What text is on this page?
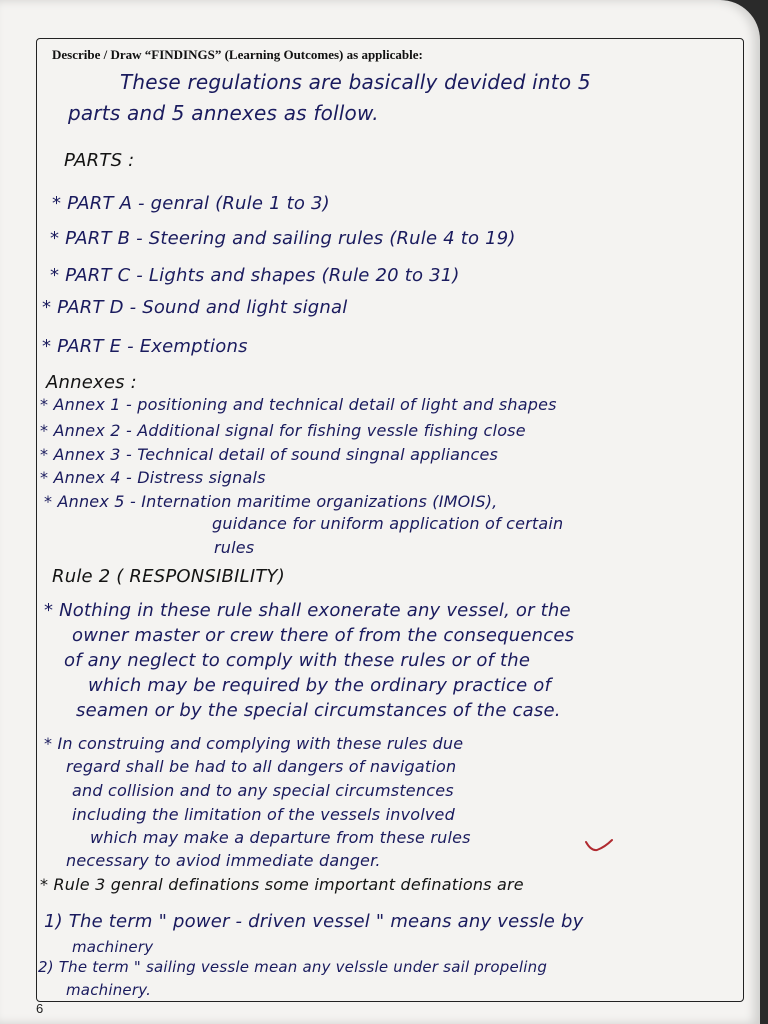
Describe / Draw “FINDINGS” (Learning Outcomes) as applicable:
These regulations are basically devided into 5
parts and 5 annexes as follow.
PARTS :
* PART A - genral (Rule 1 to 3)
* PART B - Steering and sailing rules (Rule 4 to 19)
* PART C - Lights and shapes (Rule 20 to 31)
* PART D - Sound and light signal
* PART E - Exemptions
Annexes :
* Annex 1 - positioning and technical detail of light and shapes
* Annex 2 - Additional signal for fishing vessle fishing close
* Annex 3 - Technical detail of sound singnal appliances
* Annex 4 - Distress signals
* Annex 5 - Internation maritime organizations (IMOIS),
guidance for uniform application of certain
rules
Rule 2 ( RESPONSIBILITY)
* Nothing in these rule shall exonerate any vessel, or the
owner master or crew there of from the consequences
of any neglect to comply with these rules or of the
which may be required by the ordinary practice of
seamen or by the special circumstances of the case.
* In construing and complying with these rules due
regard shall be had to all dangers of navigation
and collision and to any special circumstences
including the limitation of the vessels involved
which may make a departure from these rules
necessary to aviod immediate danger.
* Rule 3 genral definations some important definations are
1) The term " power - driven vessel " means any vessle by
machinery
2) The term " sailing vessle mean any velssle under sail propeling
machinery.
6
